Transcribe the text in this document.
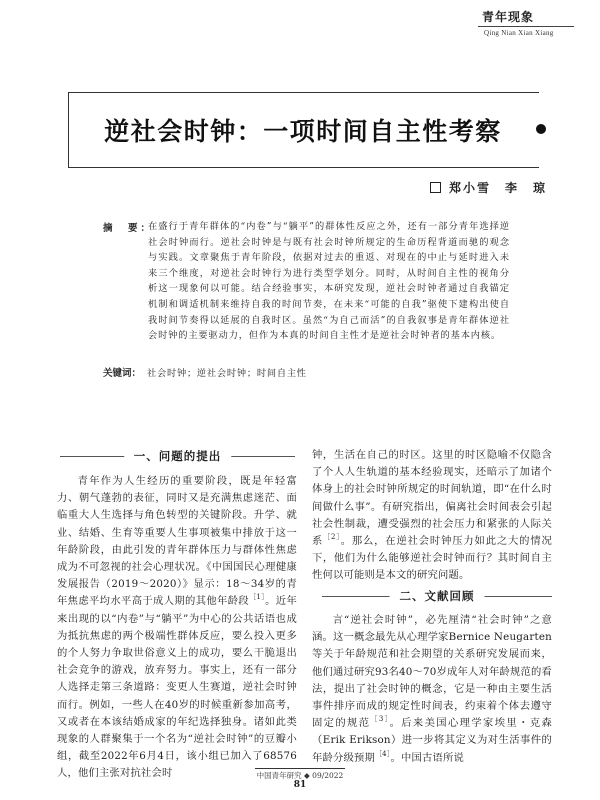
青年现象
Qing Nian Xian Xiang
逆社会时钟：一项时间自主性考察
郑小雪　李　琼
摘　要：
在盛行于青年群体的“内卷”与“躺平”的群体性反应之外，还有一部分青年选择逆社会时钟而行。逆社会时钟是与既有社会时钟所规定的生命历程背道而驰的观念与实践。文章聚焦于青年阶段，依据对过去的重返、对现在的中止与延时进入未来三个维度，对逆社会时钟行为进行类型学划分。同时，从时间自主性的视角分析这一现象何以可能。结合经验事实，本研究发现，逆社会时钟者通过自我锚定机制和调适机制来维持自我的时间节奏，在未来“可能的自我”驱使下建构出使自我时间节奏得以延展的自我时区。虽然“为自己而活”的自我叙事是青年群体逆社会时钟的主要驱动力，但作为本真的时间自主性才是逆社会时钟者的基本内核。
关键词： 社会时钟；逆社会时钟；时间自主性
一、问题的提出

青年作为人生经历的重要阶段，既是年轻富力、朝气蓬勃的表征，同时又是充满焦虑迷茫、面临重大人生选择与角色转型的关键阶段。升学、就业、结婚、生育等重要人生事项被集中排放于这一年龄阶段，由此引发的青年群体压力与群体性焦虑成为不可忽视的社会心理状况。《中国国民心理健康发展报告（2019～2020）》显示：18～34岁的青年焦虑平均水平高于成人期的其他年龄段$^{[1]}$。近年来出现的以“内卷”与“躺平”为中心的公共话语也成为抵抗焦虑的两个极端性群体反应，要么投入更多的个人努力争取世俗意义上的成功，要么干脆退出社会竞争的游戏，放弃努力。事实上，还有一部分人选择走第三条道路：变更人生赛道，逆社会时钟而行。例如，一些人在40岁的时候重新参加高考，又或者在本该结婚成家的年纪选择独身。诸如此类现象的人群聚集于一个名为“逆社会时钟”的豆瓣小组，截至2022年6月4日，该小组已加入了68576人，他们主张对抗社会时

钟，生活在自己的时区。这里的时区隐喻不仅隐含了个人人生轨道的基本经验现实，还暗示了加诸个体身上的社会时钟所规定的时间轨道，即“在什么时间做什么事”。有研究指出，偏离社会时间表会引起社会性制裁，遭受强烈的社会压力和紧张的人际关系$^{[2]}$。那么，在逆社会时钟压力如此之大的情况下，他们为什么能够逆社会时钟而行？其时间自主性何以可能则是本文的研究问题。

二、文献回顾

言“逆社会时钟”，必先厘清“社会时钟”之意涵。这一概念最先从心理学家Bernice Neugarten等关于年龄规范和社会期望的关系研究发展而来，他们通过研究93名40～70岁成年人对年龄规范的看法，提出了社会时钟的概念，它是一种由主要生活事件排序而成的规定性时间表，约束着个体去遵守固定的规范$^{[3]}$。后来美国心理学家埃里・克森（Erik Erikson）进一步将其定义为对生活事件的年龄分级预期$^{[4]}$。中国古语所说

中国青年研究 ◆ 09/2022
81
